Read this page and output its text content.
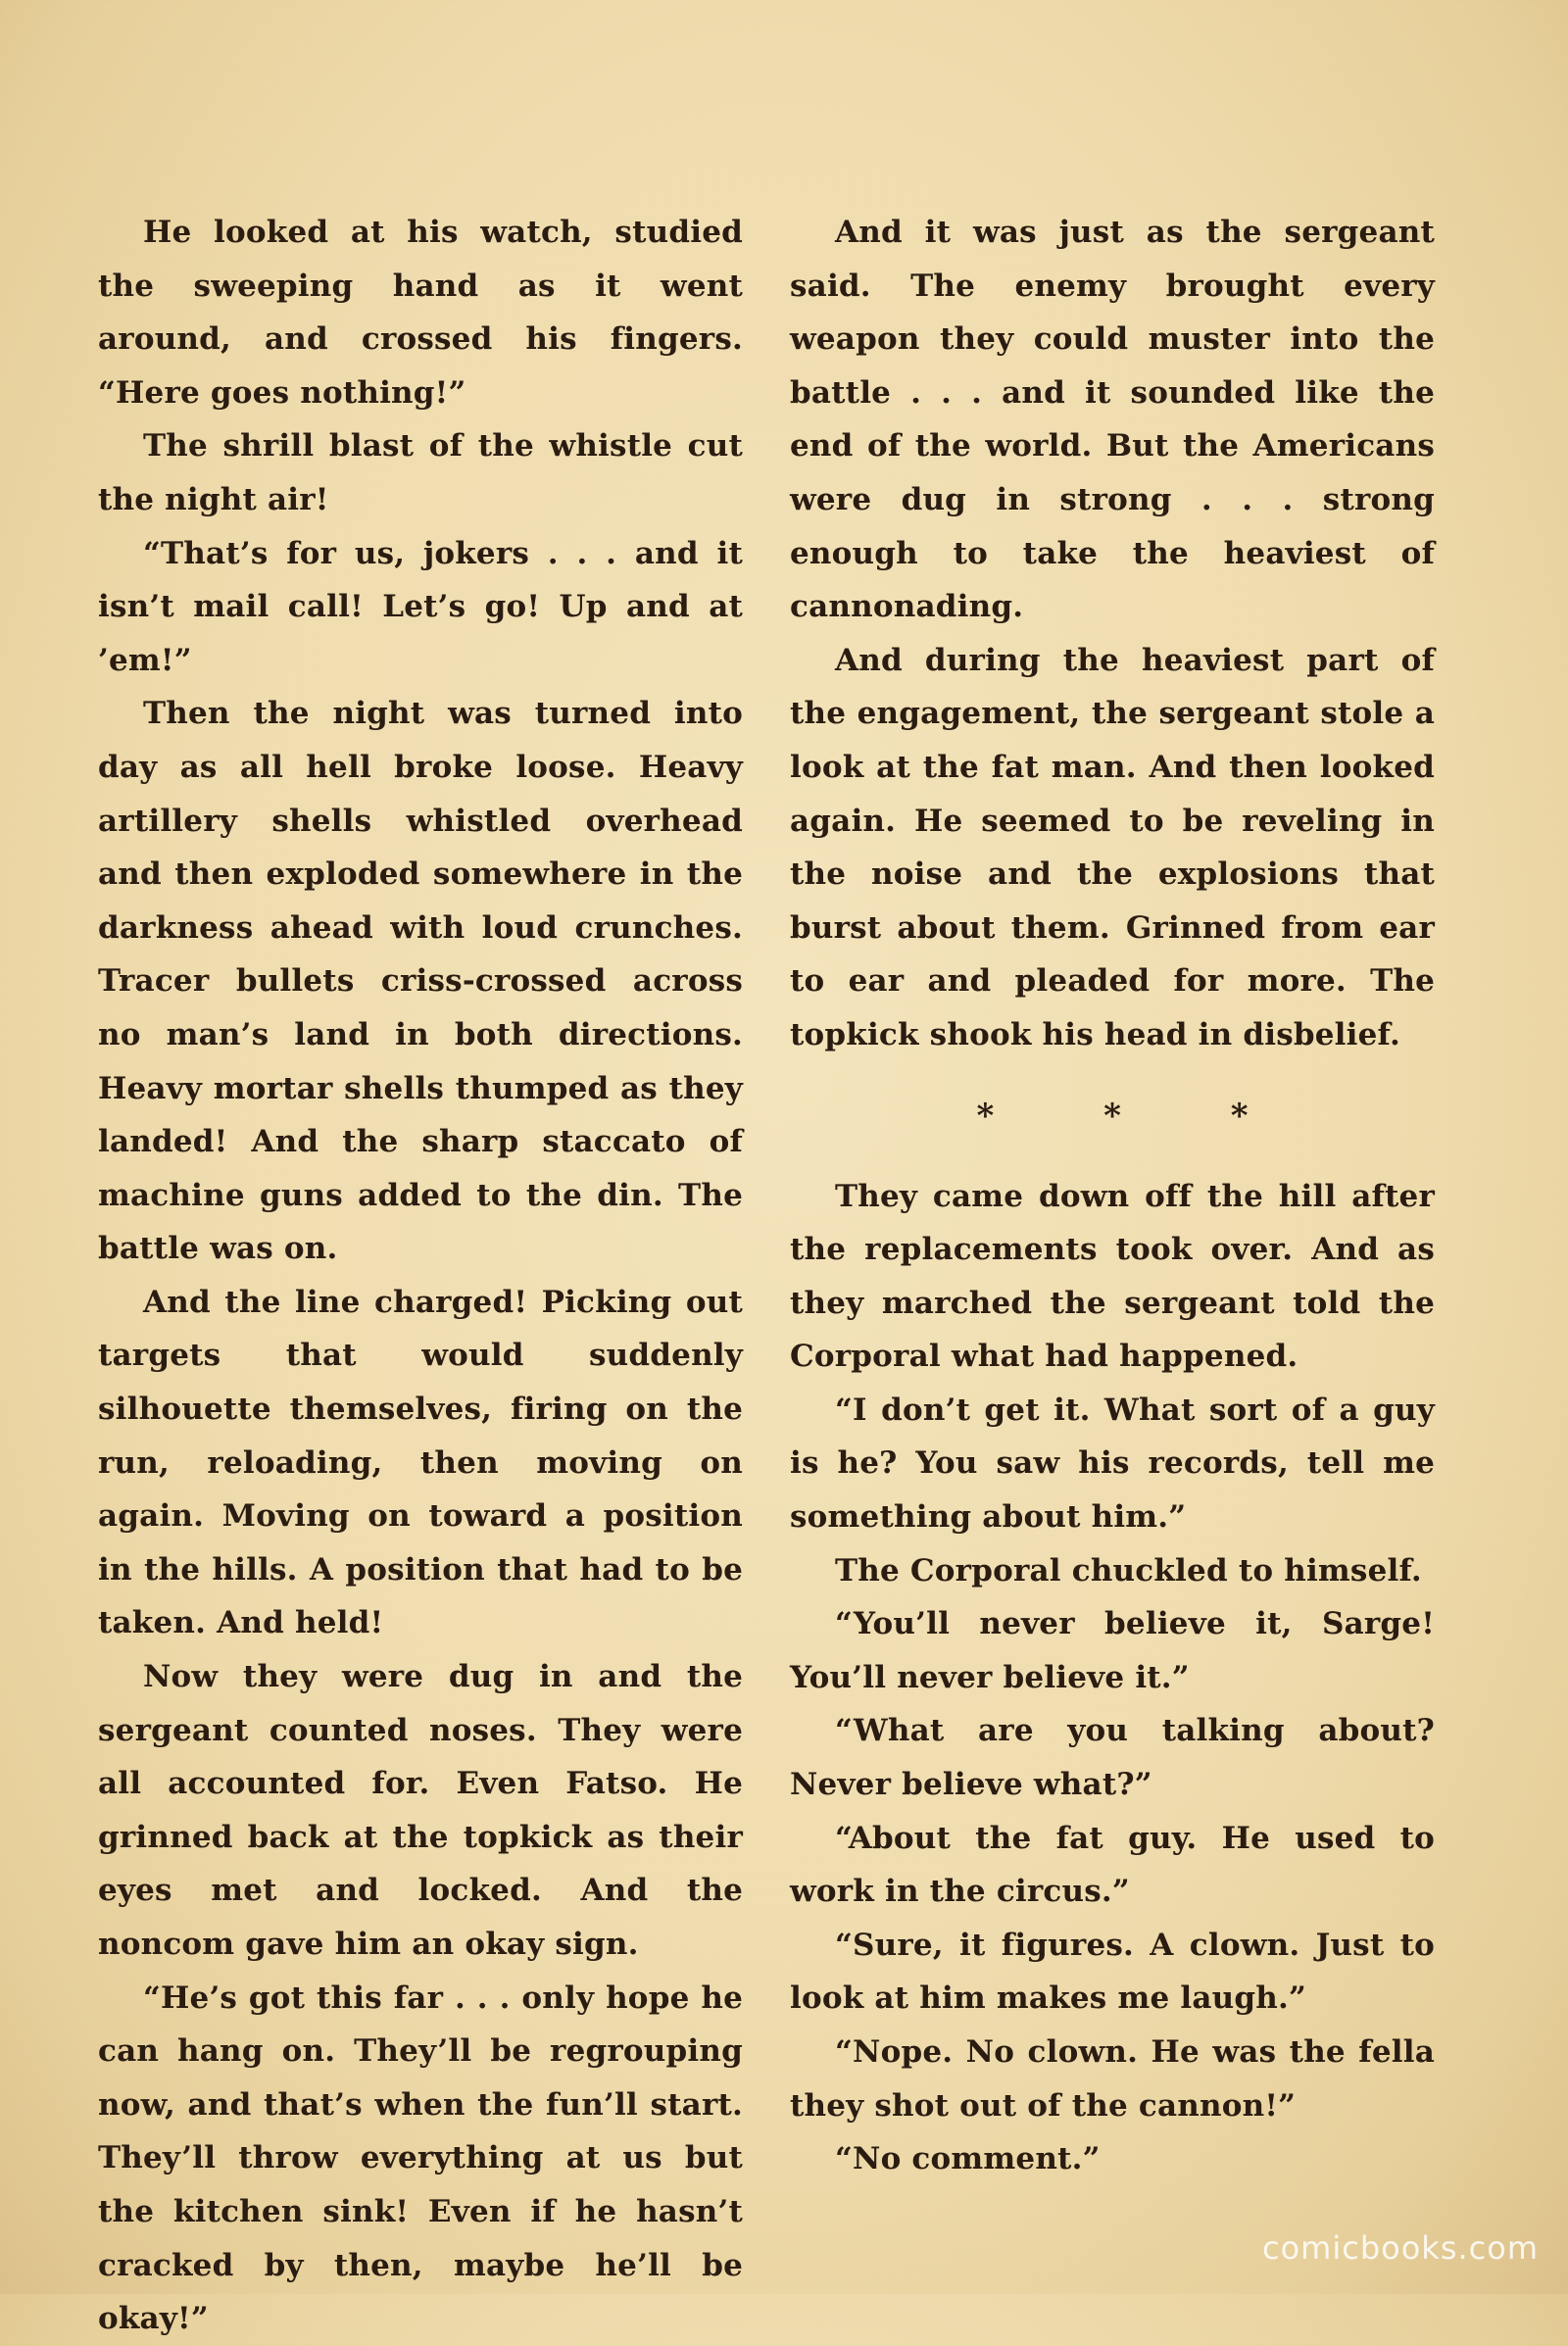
He looked at his watch, studied the sweeping hand as it went around, and crossed his fingers. “Here goes nothing!”

The shrill blast of the whistle cut the night air!

“That’s for us, jokers . . . and it isn’t mail call! Let’s go! Up and at ’em!”

Then the night was turned into day as all hell broke loose. Heavy artillery shells whistled overhead and then exploded somewhere in the darkness ahead with loud crunches. Tracer bullets criss-crossed across no man’s land in both directions. Heavy mortar shells thumped as they landed! And the sharp staccato of machine guns added to the din. The battle was on.

And the line charged! Picking out targets that would suddenly silhouette themselves, firing on the run, reloading, then moving on again. Moving on toward a position in the hills. A position that had to be taken. And held!

Now they were dug in and the sergeant counted noses. They were all accounted for. Even Fatso. He grinned back at the topkick as their eyes met and locked. And the noncom gave him an okay sign.

“He’s got this far . . . only hope he can hang on. They’ll be regrouping now, and that’s when the fun’ll start. They’ll throw everything at us but the kitchen sink! Even if he hasn’t cracked by then, maybe he’ll be okay!”

And it was just as the sergeant said. The enemy brought every weapon they could muster into the battle . . . and it sounded like the end of the world. But the Americans were dug in strong . . . strong enough to take the heaviest of cannonading.

And during the heaviest part of the engagement, the sergeant stole a look at the fat man. And then looked again. He seemed to be reveling in the noise and the explosions that burst about them. Grinned from ear to ear and pleaded for more. The topkick shook his head in disbelief.

* * *

They came down off the hill after the replacements took over. And as they marched the sergeant told the Corporal what had happened.

“I don’t get it. What sort of a guy is he? You saw his records, tell me something about him.”

The Corporal chuckled to himself.

“You’ll never believe it, Sarge! You’ll never believe it.”

“What are you talking about? Never believe what?”

“About the fat guy. He used to work in the circus.”

“Sure, it figures. A clown. Just to look at him makes me laugh.”

“Nope. No clown. He was the fella they shot out of the cannon!”

“No comment.”

comicbooks.com
